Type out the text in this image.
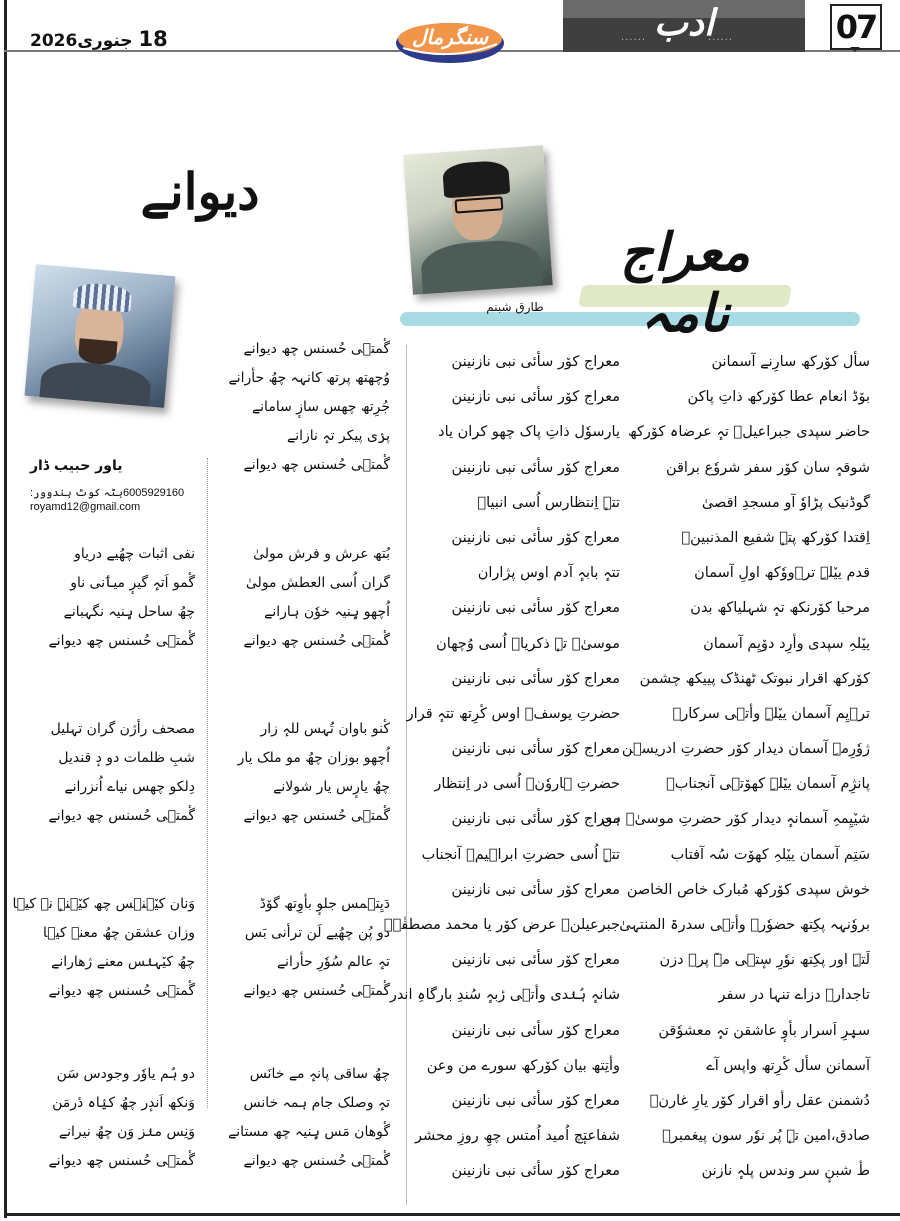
18 جنوری2026	سنگرمال	...... ادب
......	07
معراج نامہ
طارق شبنم
دیوانے
یاور حبیب ڈار
بٹہ کوٹ ہندوور:6005929160
royamd12@gmail.com
سأل کوٚرکھ سارِنے آسمانن
بوٚڈ انعام عطا کوٚرکھ ذاتِ پاکن
حاضر سپدی جبراعیلؑ تہٕ عرضاہ کوٚرکھ
شوقہٕ سان کوٚر سفر شروٗع براقن
گوڈنیک پڑاوٗ آو مسجدِ اقصیٰ
اِقتدا کوٚرکھ پتہٕ شفیع المذنبینؐ
قدم ییٚلہِ ترٛووٗکھ اولِ آسمان
مرحبا کوٚرنکھ تہٕ شہلیاکھ بدن
ییٚلہِ سپدی وأرِد دوٚیِم آسمان
کوٚرکھ اقرار نبوتک ٹھنڈک پییکھ چشمن
ترٛیِم آسمان ییٚلہِ وأتؐی سرکارؐ
ژوٗرِمہِ آسمان دیدار کوٚر حضرتِ ادریسؑن
پانژِم آسمان ییٚلہِ کھوٚتؐی آنجنابؐ
شیٚیِمہِ آسمانہٕ دیدار کوٚر حضرتِ موسیٰؑ ہن
سَتِم آسمان ییٚلہِ کھوٚت سُہ آفتاب
خوش سپدی کوٚرکھ مُبارک خاص الخاصن
بروٗنہہ پکِتھ حضوٗرؐ وأتؐی سدرۃ المنتہیٰ
لَتہِ اور پکِتھ نوٗرِ سٕتؐی مےٚ پرٛ دزن
تاجدارؐ دزاے تنہا در سفر
سیٖرِ اَسرار بأوٕ عاشقن تہٕ معشوٗقن
آسمانن سأل کٔرِتھ واپس آے
دُشمنن عقل رأو اقرار کوٚر یارِ غارنؓ
صادق،امین تہٕ پُر نوٗر سون پیغمبرؐ
طٔ شبنٕ سر وندس پلہٕ نازنن
معراج کوٚر سأئی نبی نازنینن
معراج کوٚر سأئی نبی نازنینن
یارسوٗل ذاتِ پاک چھو کران یاد
معراج کوٚر سأئی نبی نازنینن
تتہٕ اِنتظارس اُسی انبیاؑ
معراج کوٚر سأئی نبی نازنینن
تتہٕ بابہٕ آدم اوس پژاران
معراج کوٚر سأئی نبی نازنینن
موسیٰؑ تہٕ ذکریاؑ اُسی وُچھان
معراج کوٚر سأئی نبی نازنینن
حضرتِ یوسفؑ اوس کٔرِتھ تتہٕ قرار
معراج کوٚر سأئی نبی نازنینن
حضرتِ ہاروٗنؑ اُسی در اِنتظار
معراج کوٚر سأئی نبی نازنینن
تتہٕ اُسی حضرتِ ابراہیمؑ آنجناب
معراج کوٚر سأئی نبی نازنینن
جبرعیلنؑ عرض کوٚر یا محمد مصطفٰےؐ
معراج کوٚر سأئی نبی نازنینن
شانہٕ ہُنٛدی وأتؐی رٔبہٕ سُندِ بارگاہِ اندر
معراج کوٚر سأئی نبی نازنینن
وأتِتھ بیان کوٚرکھ سورے من وعن
معراج کوٚر سأئی نبی نازنینن
شفاعتٕچ اُمید اُمتس چھِ روزِ محشر
معراج کوٚر سأئی نبی نازنینن
گٔمتؐی حُسنس چھ دیوانے
وُچھتھ پرتھ کانہہ چھُ حأرانے
جُرِتھ چھس سازٕ سامانے
پرٛی پیکر تہٕ نازانے
گٔمتؐی حُسنس چھ دیوانے
بُتھ عرش و فرش مولیٰ
گران اُسی العطش مولیٰ
اُچھو ہٕنیہ خوٗن ہارانے
گٔمتؐی حُسنس چھ دیوانے
کٔنو باوان تُہس للہٕ زار
اُچھو بوزان چھُ مو ملک یار
چھُ یارٕس یار شولانے
گٔمتؐی حُسنس چھ دیوانے
دَیِتؐمس جلوٕ بأوِتھ گوٚڈ
دو پُن چھُیے لَن ترأنی بَس
تہٕ عالم سُوٗرِ حأرانے
گٔمتؐی حُسنس چھ دیوانے
چھُ ساقی پانہٕ مے خانَس
تہٕ وصلک جام ہمہ خانس
گٔوھان مَس ہٕنیہ چھ مستانے
گٔمتؐی حُسنس چھ دیوانے
نفی اثبات چھُیے دریاو
گٔمو اَتہٕ گیرٕ میٲنی ناو
چھُ ساحل ہٕنیہ نگہبانے
گٔمتؐی حُسنس چھ دیوانے
مصحف رأژن گران تہلیل
شبِ ظلمات دو دٕ قندیل
دِلکو چھس نیاے اُنزرانے
گٔمتؐی حُسنس چھ دیوانے
وَنان کیٚہنٛس چھ کیٚہنہٕ نے کیٛا
وزان عشقن چھُ معنے کیٛا
چھُ کیٚہنٛس معنے ژھارانے
گٔمتؐی حُسنس چھ دیوانے
دو ہُم یاوٗر وجودس سَن
وَنکھ اَندٕر چھُ کیٛاہ دٔرمَن
وَنِس منٛز وَن چھُ نیرانے
گٔمتؐی حُسنس چھ دیوانے
